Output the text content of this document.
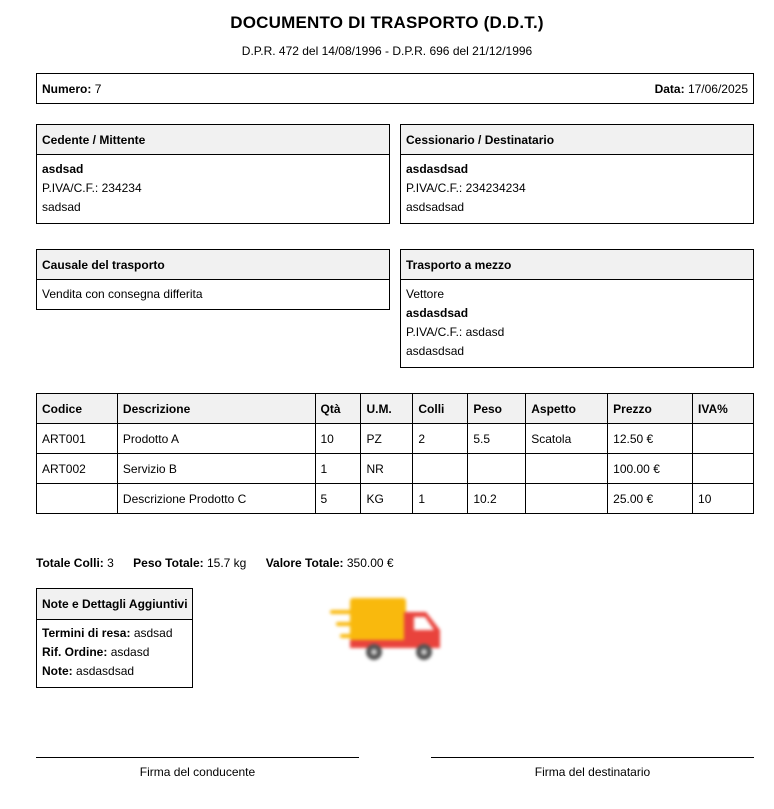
DOCUMENTO DI TRASPORTO (D.D.T.)
D.P.R. 472 del 14/08/1996 - D.P.R. 696 del 21/12/1996
Numero: 7	Data: 17/06/2025
Cedente / Mittente
asdsad
P.IVA/C.F.: 234234
sadsad
Cessionario / Destinatario
asdasdsad
P.IVA/C.F.: 234234234
asdsadsad
Causale del trasporto
Vendita con consegna differita
Trasporto a mezzo
Vettore
asdasdsad
P.IVA/C.F.: asdasd
asdasdsad
Codice	Descrizione	Qtà	U.M.	Colli	Peso	Aspetto	Prezzo	IVA%
ART001	Prodotto A	10	PZ	2	5.5	Scatola	12.50 €	
ART002	Servizio B	1	NR				100.00 €	
	Descrizione Prodotto C	5	KG	1	10.2		25.00 €	10
Totale Colli: 3 Peso Totale: 15.7 kg Valore Totale: 350.00 €
Note e Dettagli Aggiuntivi
Termini di resa: asdsad
Rif. Ordine: asdasd
Note: asdasdsad
Firma del conducente	Firma del destinatario
